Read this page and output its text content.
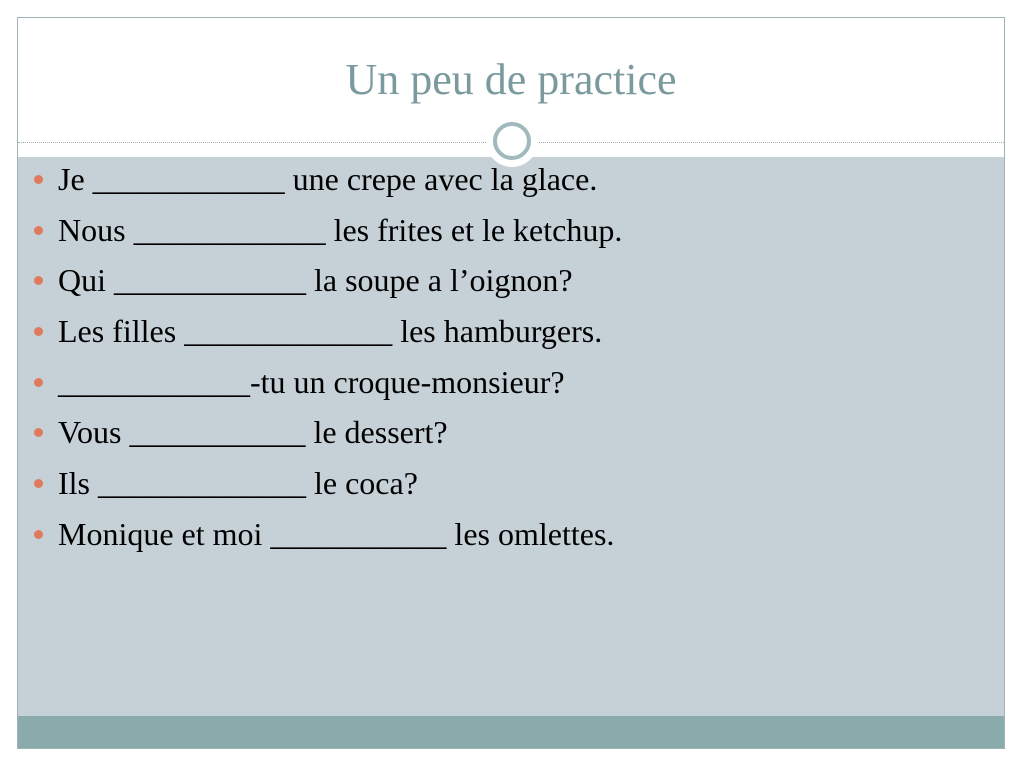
Un peu de practice
Je ____________ une crepe avec la glace.
Nous ____________ les frites et le ketchup.
Qui ____________ la soupe a l’oignon?
Les filles _____________ les hamburgers.
____________-tu un croque-monsieur?
Vous ___________ le dessert?
Ils _____________ le coca?
Monique et moi ___________ les omlettes.
